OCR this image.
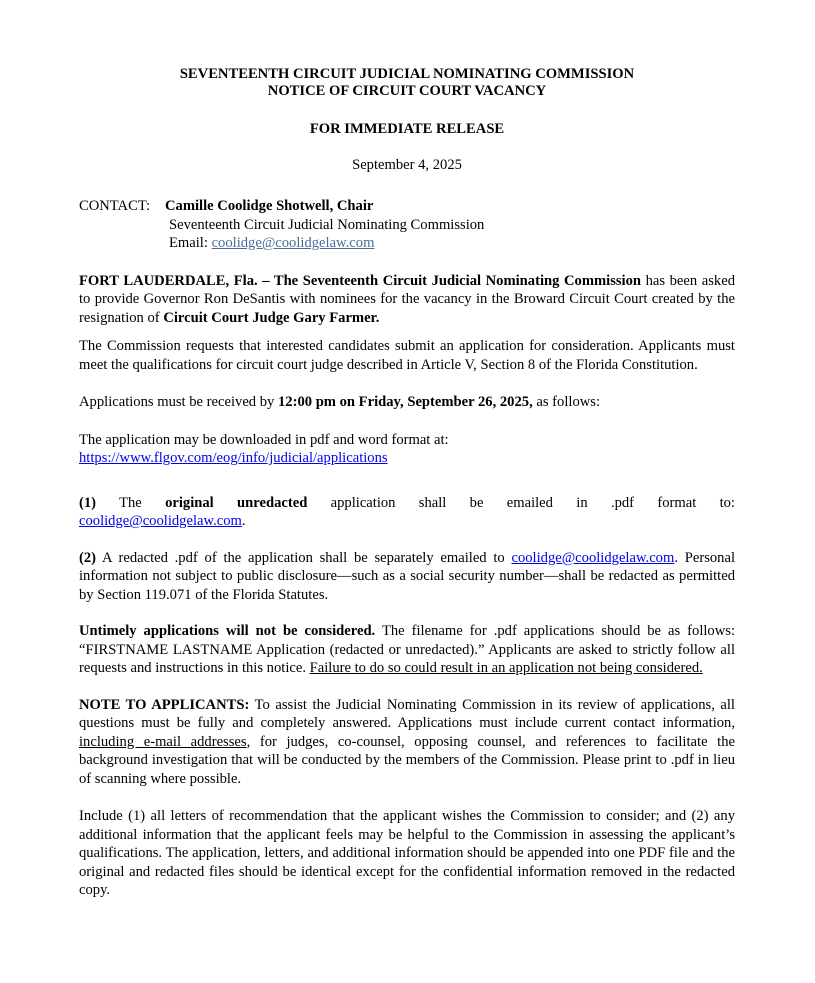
SEVENTEENTH CIRCUIT JUDICIAL NOMINATING COMMISSION
NOTICE OF CIRCUIT COURT VACANCY
FOR IMMEDIATE RELEASE
September 4, 2025
CONTACT:	Camille Coolidge Shotwell, Chair
Seventeenth Circuit Judicial Nominating Commission
Email: coolidge@coolidgelaw.com

FORT LAUDERDALE, Fla. – The Seventeenth Circuit Judicial Nominating Commission has been asked to provide Governor Ron DeSantis with nominees for the vacancy in the Broward Circuit Court created by the resignation of Circuit Court Judge Gary Farmer.

The Commission requests that interested candidates submit an application for consideration. Applicants must meet the qualifications for circuit court judge described in Article V, Section 8 of the Florida Constitution.

Applications must be received by 12:00 pm on Friday, September 26, 2025, as follows:

The application may be downloaded in pdf and word format at:
https://www.flgov.com/eog/info/judicial/applications

(1) The original unredacted application shall be emailed in .pdf format to:
coolidge@coolidgelaw.com.

(2) A redacted .pdf of the application shall be separately emailed to coolidge@coolidgelaw.com. Personal information not subject to public disclosure—such as a social security number—shall be redacted as permitted by Section 119.071 of the Florida Statutes.

Untimely applications will not be considered. The filename for .pdf applications should be as follows: “FIRSTNAME LASTNAME Application (redacted or unredacted).” Applicants are asked to strictly follow all requests and instructions in this notice. Failure to do so could result in an application not being considered.

NOTE TO APPLICANTS: To assist the Judicial Nominating Commission in its review of applications, all questions must be fully and completely answered. Applications must include current contact information, including e-mail addresses, for judges, co-counsel, opposing counsel, and references to facilitate the background investigation that will be conducted by the members of the Commission. Please print to .pdf in lieu of scanning where possible.

Include (1) all letters of recommendation that the applicant wishes the Commission to consider; and (2) any additional information that the applicant feels may be helpful to the Commission in assessing the applicant’s qualifications. The application, letters, and additional information should be appended into one PDF file and the original and redacted files should be identical except for the confidential information removed in the redacted copy.
